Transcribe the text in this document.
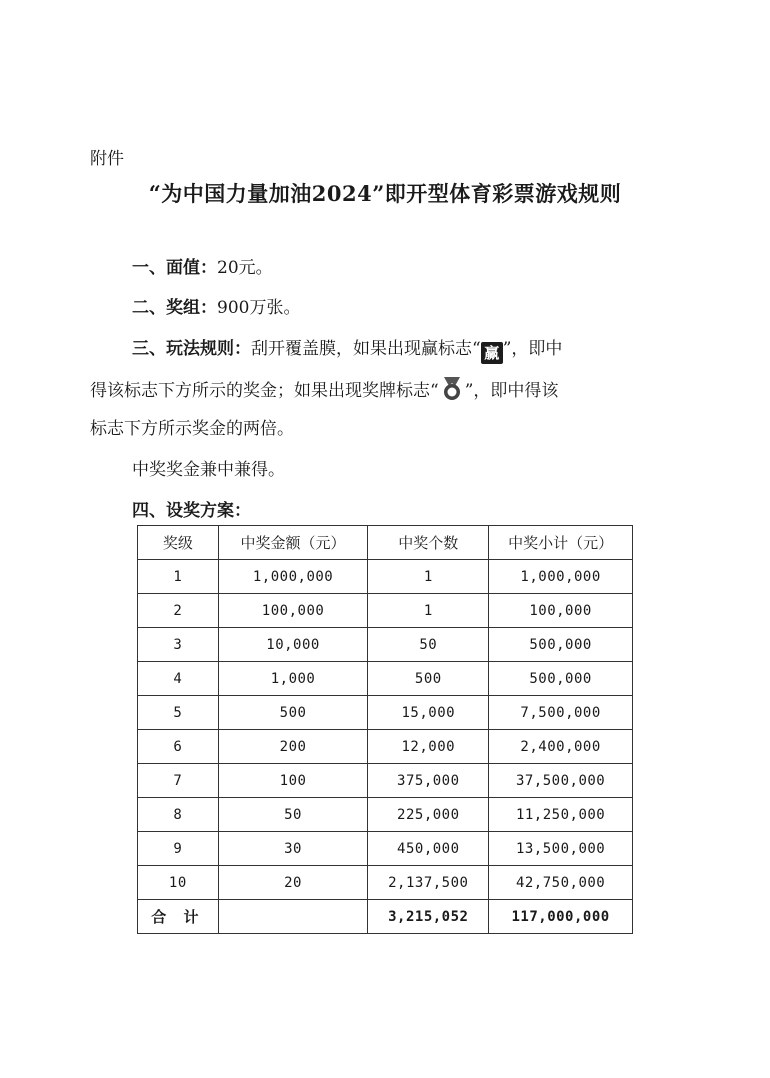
附件
“为中国力量加油2024”即开型体育彩票游戏规则
一、面值：20元。
二、奖组：900万张。
三、玩法规则：刮开覆盖膜，如果出现赢标志“ 赢 ”，即中
得该标志下方所示的奖金；如果出现奖牌标志“ ”，即中得该
标志下方所示奖金的两倍。
中奖奖金兼中兼得。
四、设奖方案：
奖级	中奖金额（元）	中奖个数	中奖小计（元）
1	1,000,000	1	1,000,000
2	100,000	1	100,000
3	10,000	50	500,000
4	1,000	500	500,000
5	500	15,000	7,500,000
6	200	12,000	2,400,000
7	100	375,000	37,500,000
8	50	225,000	11,250,000
9	30	450,000	13,500,000
10	20	2,137,500	42,750,000
合 计		3,215,052	117,000,000
